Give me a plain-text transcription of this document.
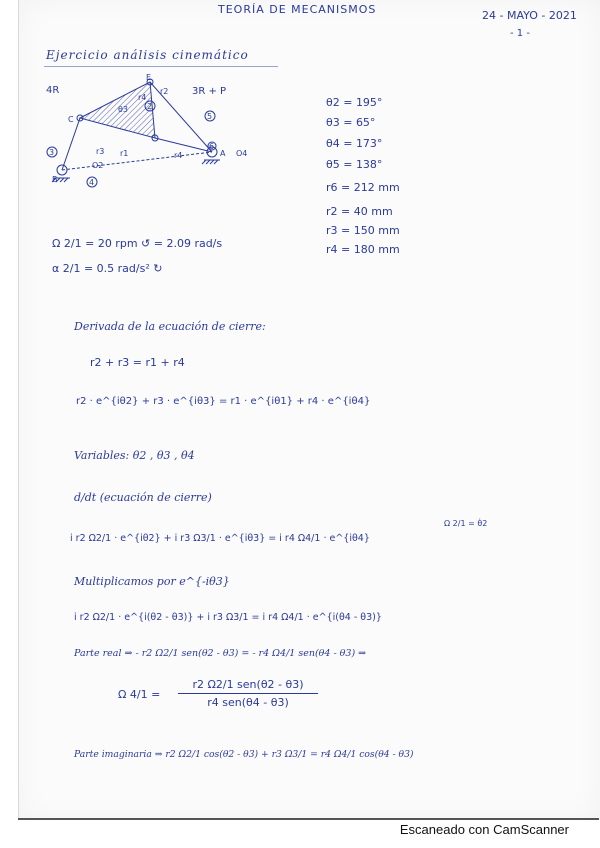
TEORÍA DE MECANISMOS	24 - MAYO - 2021
- 1 -
Ejercicio análisis cinemático
4R	3R + P
C
B
A O4
E
r2
r1
r3	r4
r4
θ3
3
4
5
6
2
O2
θ2 = 195°
θ3 = 65°
θ4 = 173°
θ5 = 138°
r6 = 212 mm
r2 = 40 mm
r3 = 150 mm
r4 = 180 mm
Ω 2/1 = 20 rpm ↺ = 2.09 rad/s
α 2/1 = 0.5 rad/s² ↻
Derivada de la ecuación de cierre:
r2 + r3 = r1 + r4
r2 · e^{iθ2} + r3 · e^{iθ3} = r1 · e^{iθ1} + r4 · e^{iθ4}
Variables: θ2 , θ3 , θ4
d/dt (ecuación de cierre)
Ω 2/1 = θ̇2
i r2 Ω2/1 · e^{iθ2} + i r3 Ω3/1 · e^{iθ3} = i r4 Ω4/1 · e^{iθ4}
Multiplicamos por e^{-iθ3}
i r2 Ω2/1 · e^{i(θ2 - θ3)} + i r3 Ω3/1 = i r4 Ω4/1 · e^{i(θ4 - θ3)}
Parte real ⇒ - r2 Ω2/1 sen(θ2 - θ3) = - r4 Ω4/1 sen(θ4 - θ3) ⇒
Ω 4/1 =
r2 Ω2/1 sen(θ2 - θ3)
r4 sen(θ4 - θ3)
Parte imaginaria ⇒ r2 Ω2/1 cos(θ2 - θ3) + r3 Ω3/1 = r4 Ω4/1 cos(θ4 - θ3)
Escaneado con CamScanner
